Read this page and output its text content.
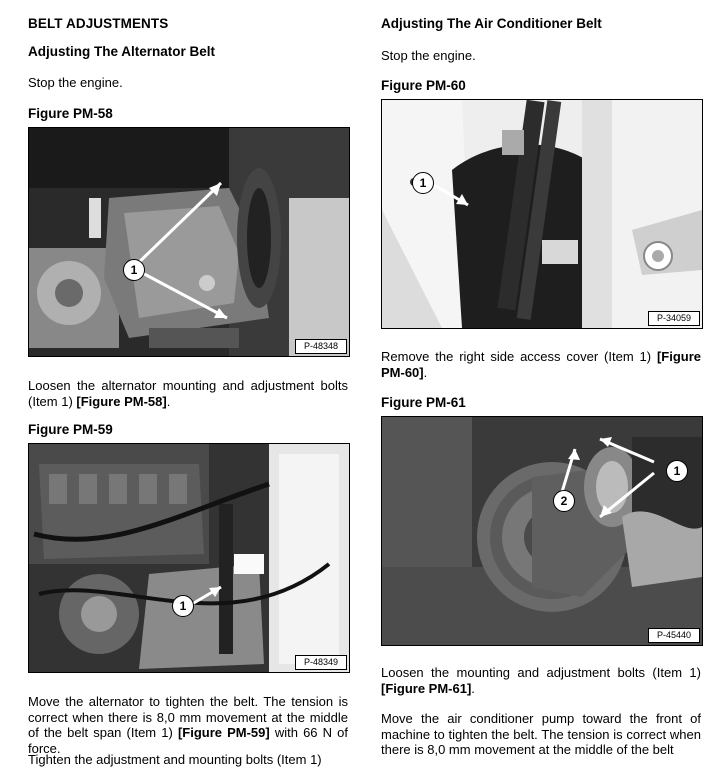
BELT ADJUSTMENTS
Adjusting The Alternator Belt
Stop the engine.
Figure PM-58
1
P-48348
Loosen the alternator mounting and adjustment bolts (Item 1) [Figure PM-58].
Figure PM-59
1
P-48349
Move the alternator to tighten the belt. The tension is correct when there is 8,0 mm movement at the middle of the belt span (Item 1) [Figure PM-59] with 66 N of force.
Tighten the adjustment and mounting bolts (Item 1)
Adjusting The Air Conditioner Belt
Stop the engine.
Figure PM-60
1
P-34059
Remove the right side access cover (Item 1) [Figure PM-60].
Figure PM-61
1
2
P-45440
Loosen the mounting and adjustment bolts (Item 1) [Figure PM-61].
Move the air conditioner pump toward the front of machine to tighten the belt. The tension is correct when there is 8,0 mm movement at the middle of the belt
